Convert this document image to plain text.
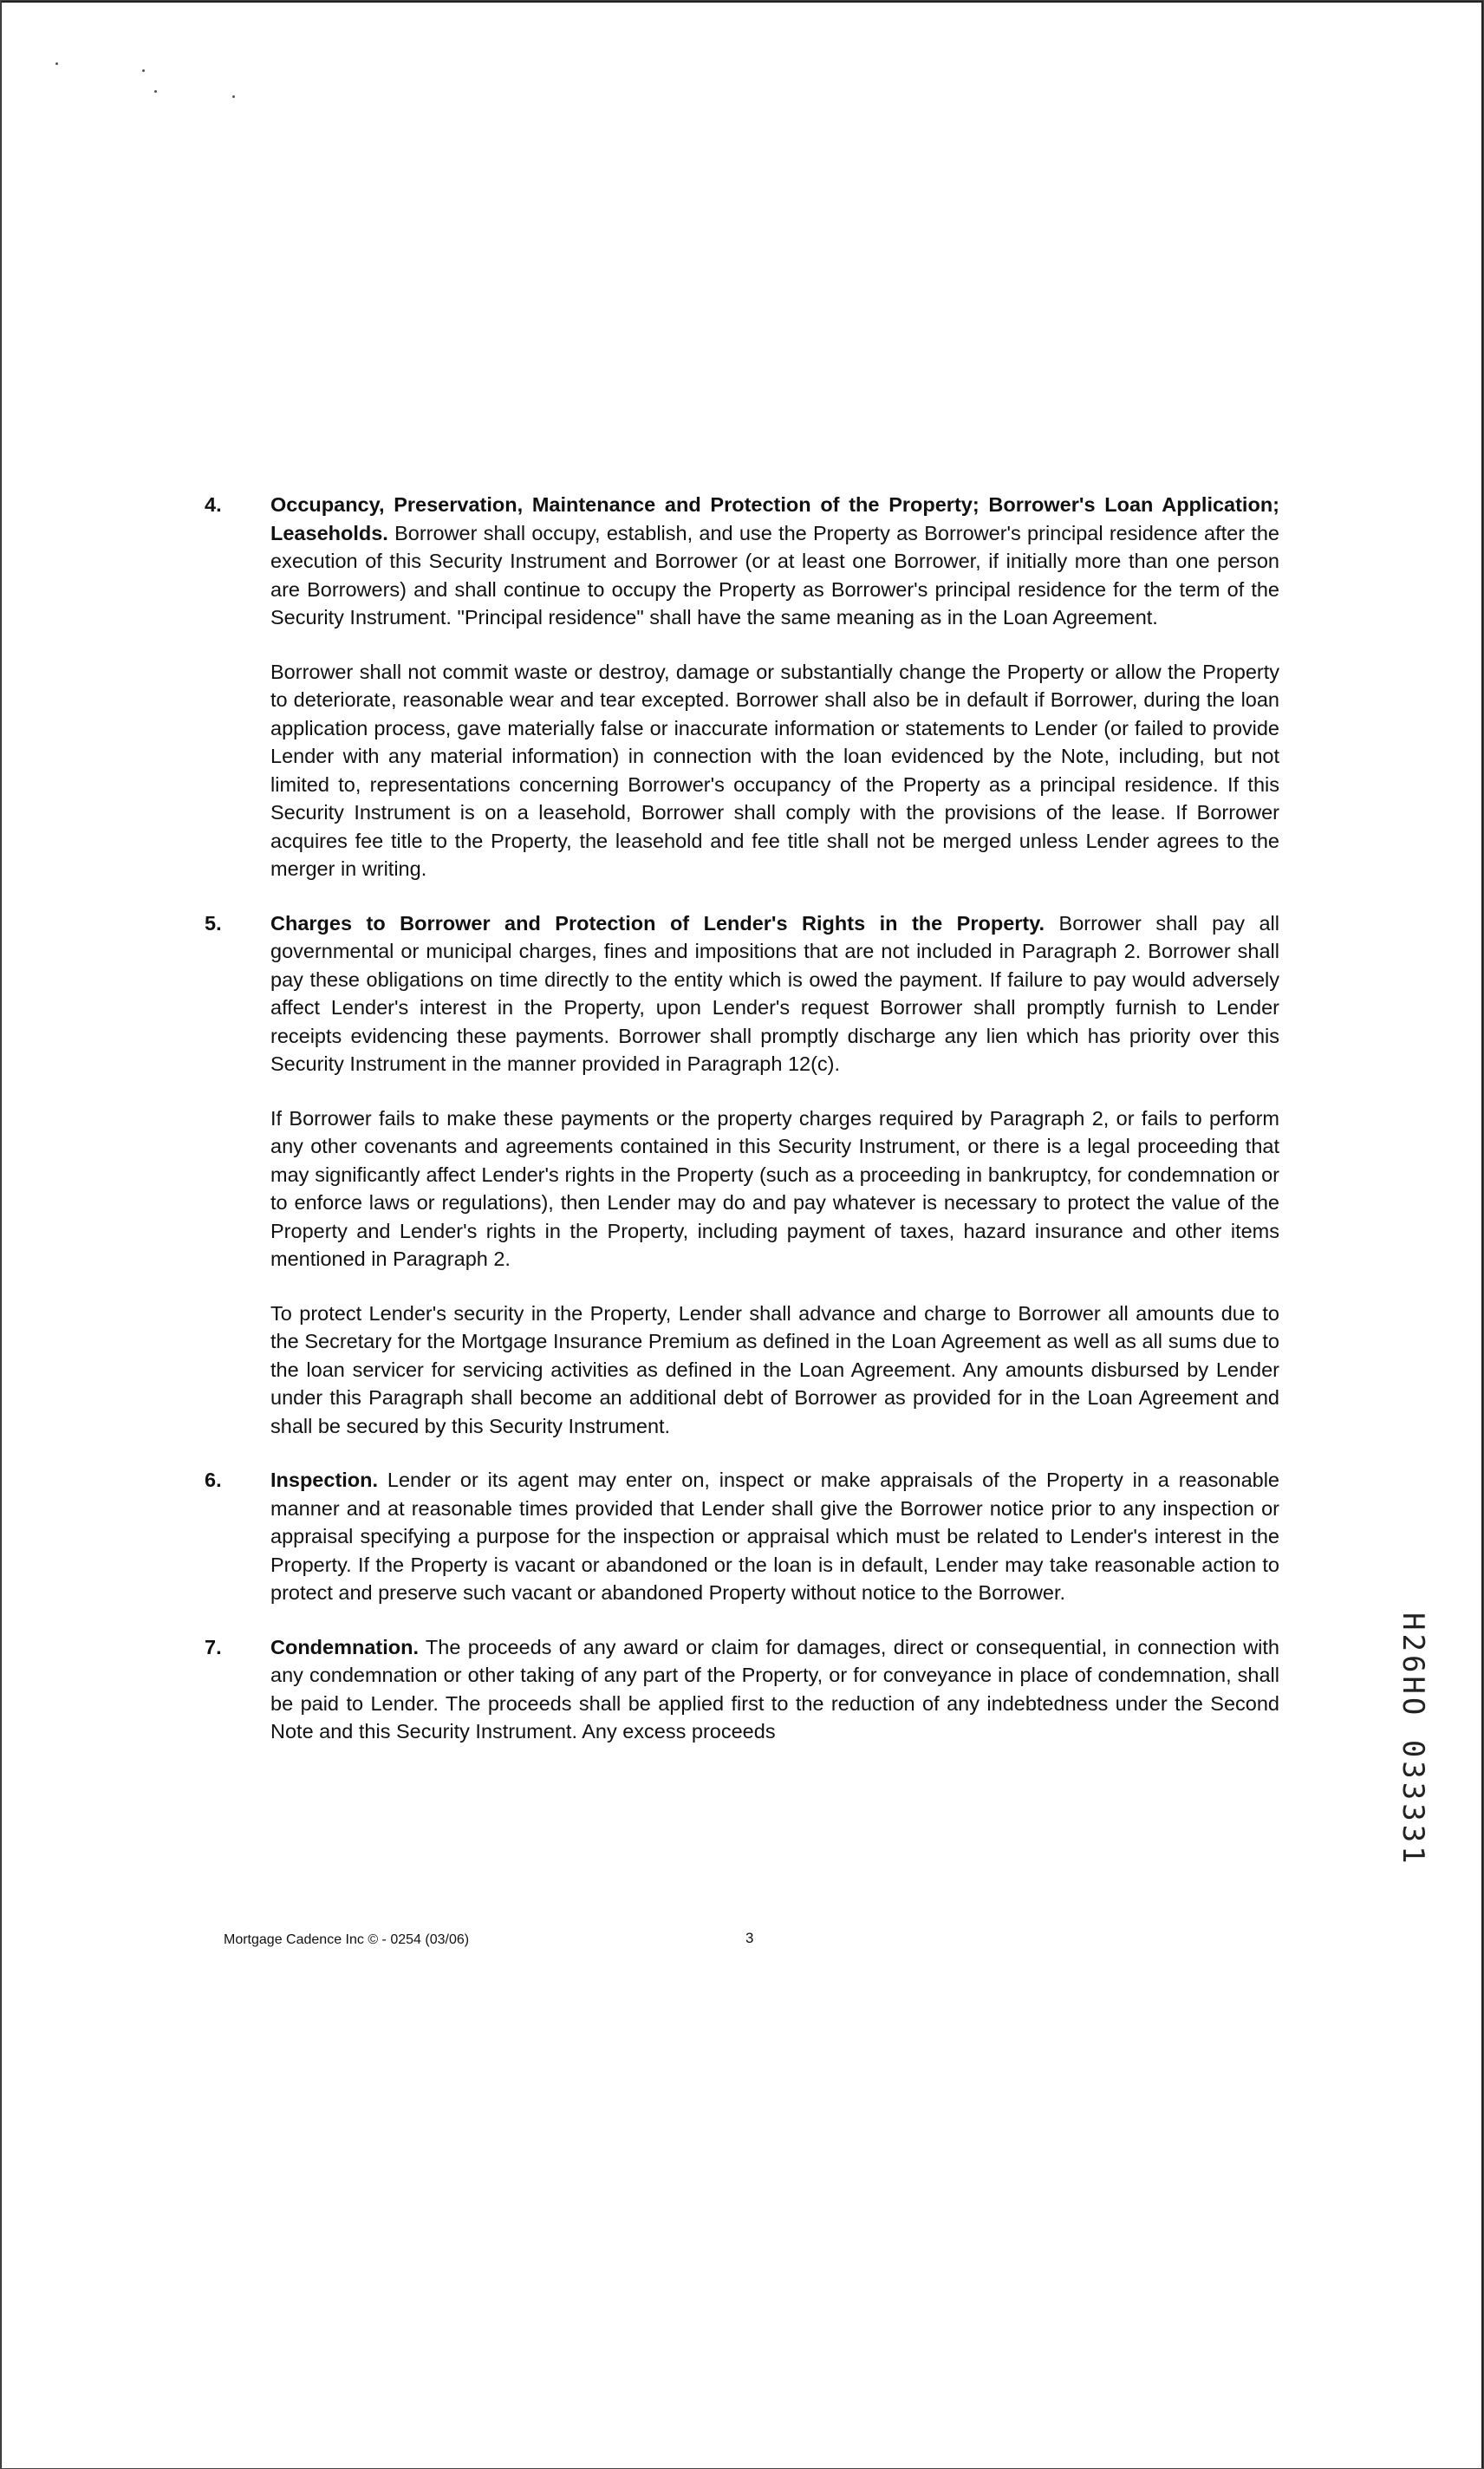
4. Occupancy, Preservation, Maintenance and Protection of the Property; Borrower's Loan Application; Leaseholds. Borrower shall occupy, establish, and use the Property as Borrower's principal residence after the execution of this Security Instrument and Borrower (or at least one Borrower, if initially more than one person are Borrowers) and shall continue to occupy the Property as Borrower's principal residence for the term of the Security Instrument. "Principal residence" shall have the same meaning as in the Loan Agreement.

Borrower shall not commit waste or destroy, damage or substantially change the Property or allow the Property to deteriorate, reasonable wear and tear excepted. Borrower shall also be in default if Borrower, during the loan application process, gave materially false or inaccurate information or statements to Lender (or failed to provide Lender with any material information) in connection with the loan evidenced by the Note, including, but not limited to, representations concerning Borrower's occupancy of the Property as a principal residence. If this Security Instrument is on a leasehold, Borrower shall comply with the provisions of the lease. If Borrower acquires fee title to the Property, the leasehold and fee title shall not be merged unless Lender agrees to the merger in writing.

5. Charges to Borrower and Protection of Lender's Rights in the Property. Borrower shall pay all governmental or municipal charges, fines and impositions that are not included in Paragraph 2. Borrower shall pay these obligations on time directly to the entity which is owed the payment. If failure to pay would adversely affect Lender's interest in the Property, upon Lender's request Borrower shall promptly furnish to Lender receipts evidencing these payments. Borrower shall promptly discharge any lien which has priority over this Security Instrument in the manner provided in Paragraph 12(c).

If Borrower fails to make these payments or the property charges required by Paragraph 2, or fails to perform any other covenants and agreements contained in this Security Instrument, or there is a legal proceeding that may significantly affect Lender's rights in the Property (such as a proceeding in bankruptcy, for condemnation or to enforce laws or regulations), then Lender may do and pay whatever is necessary to protect the value of the Property and Lender's rights in the Property, including payment of taxes, hazard insurance and other items mentioned in Paragraph 2.

To protect Lender's security in the Property, Lender shall advance and charge to Borrower all amounts due to the Secretary for the Mortgage Insurance Premium as defined in the Loan Agreement as well as all sums due to the loan servicer for servicing activities as defined in the Loan Agreement. Any amounts disbursed by Lender under this Paragraph shall become an additional debt of Borrower as provided for in the Loan Agreement and shall be secured by this Security Instrument.

6. Inspection. Lender or its agent may enter on, inspect or make appraisals of the Property in a reasonable manner and at reasonable times provided that Lender shall give the Borrower notice prior to any inspection or appraisal specifying a purpose for the inspection or appraisal which must be related to Lender's interest in the Property. If the Property is vacant or abandoned or the loan is in default, Lender may take reasonable action to protect and preserve such vacant or abandoned Property without notice to the Borrower.

7. Condemnation. The proceeds of any award or claim for damages, direct or consequential, in connection with any condemnation or other taking of any part of the Property, or for conveyance in place of condemnation, shall be paid to Lender. The proceeds shall be applied first to the reduction of any indebtedness under the Second Note and this Security Instrument. Any excess proceeds

Mortgage Cadence Inc © - 0254 (03/06)	3
H26HO 033331
